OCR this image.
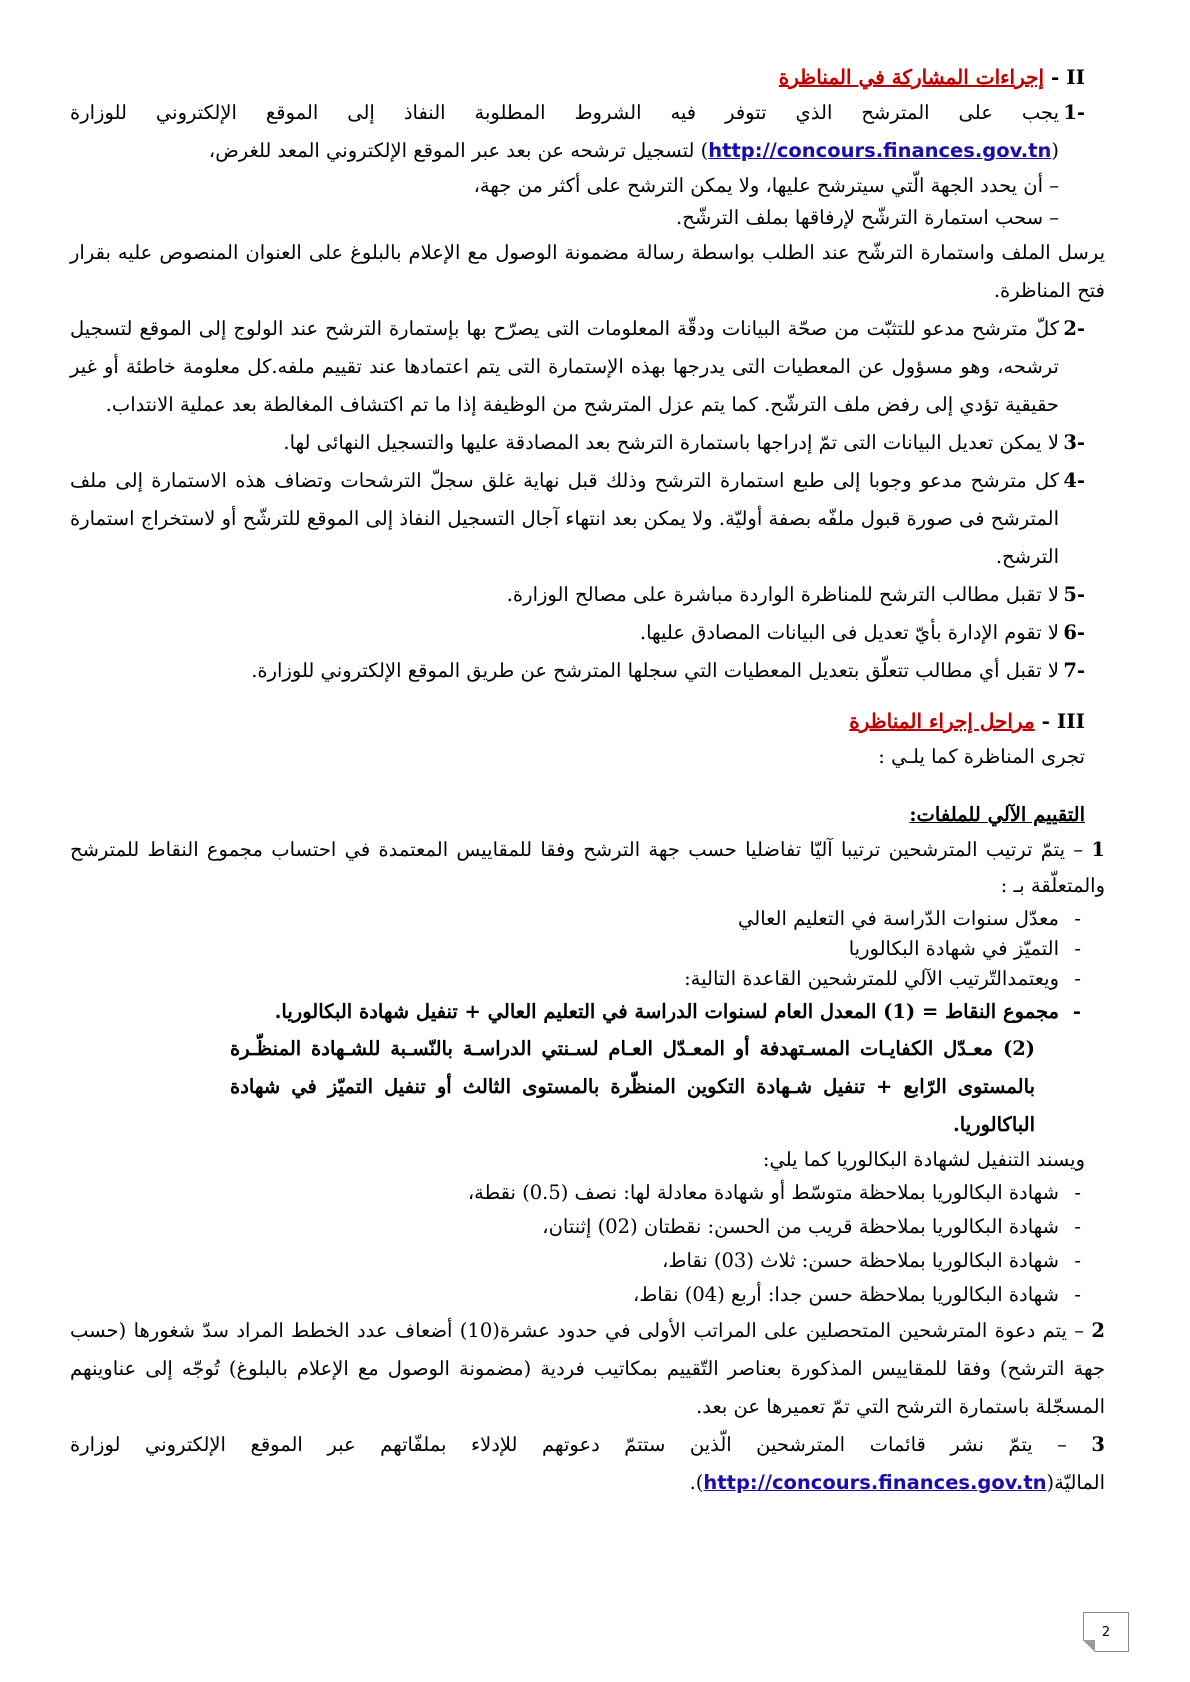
II - إجراءات المشاركة في المناظرة

1-
يجب على المترشح الذي تتوفر فيه الشروط المطلوبة النفاذ إلى الموقع الإلكتروني للوزارة (http://concours.finances.gov.tn) لتسجيل ترشحه عن بعد عبر الموقع الإلكتروني المعد للغرض،

– أن يحدد الجهة الّتي سيترشح عليها، ولا يمكن الترشح على أكثر من جهة،

– سحب استمارة الترشّح لإرفاقها بملف الترشّح.

يرسل الملف واستمارة الترشّح عند الطلب بواسطة رسالة مضمونة الوصول مع الإعلام بالبلوغ على العنوان المنصوص عليه بقرار فتح المناظرة.

2-
كلّ مترشح مدعو للتثبّت من صحّة البيانات ودقّة المعلومات التى يصرّح بها بإستمارة الترشح عند الولوج إلى الموقع لتسجيل ترشحه، وهو مسؤول عن المعطيات التى يدرجها بهذه الإستمارة التى يتم اعتمادها عند تقييم ملفه.كل معلومة خاطئة أو غير حقيقية تؤدي إلى رفض ملف الترشّح. كما يتم عزل المترشح من الوظيفة إذا ما تم اكتشاف المغالطة بعد عملية الانتداب.
3-
لا يمكن تعديل البيانات التى تمّ إدراجها باستمارة الترشح بعد المصادقة عليها والتسجيل النهائى لها.
4-
كل مترشح مدعو وجوبا إلى طبع استمارة الترشح وذلك قبل نهاية غلق سجلّ الترشحات وتضاف هذه الاستمارة إلى ملف المترشح فى صورة قبول ملفّه بصفة أوليّة. ولا يمكن بعد انتهاء آجال التسجيل النفاذ إلى الموقع للترشّح أو لاستخراج استمارة الترشح.
5-
لا تقبل مطالب الترشح للمناظرة الواردة مباشرة على مصالح الوزارة.
6-
لا تقوم الإدارة بأيّ تعديل فى البيانات المصادق عليها.
7-
لا تقبل أي مطالب تتعلّق بتعديل المعطيات التي سجلها المترشح عن طريق الموقع الإلكتروني للوزارة.

III - مراحل إجراء المناظرة

تجرى المناظرة كما يلـي :

التقييم الآلي للملفات:

1 – يتمّ ترتيب المترشحين ترتيبا آليّا تفاضليا حسب جهة الترشح وفقا للمقاييس المعتمدة في احتساب مجموع النقاط للمترشح والمتعلّقة بـ :

- معدّل سنوات الدّراسة في التعليم العالي

- التميّز في شهادة البكالوريا

- ويعتمدالتّرتيب الآلي للمترشحين القاعدة التالية:

- مجموع النقاط = (1) المعدل العام لسنوات الدراسة في التعليم العالي + تنفيل شهادة البكالوريا.

(2) معـدّل الكفايـات المسـتهدفة أو المعـدّل العـام لسـنتي الدراسـة بالنّسـبة للشـهادة المنظّـرة بالمستوى الرّابع + تنفيل شـهادة التكوين المنظّرة بالمستوى الثالث أو تنفيل التميّز في شهادة الباكالوريا.

ويسند التنفيل لشهادة البكالوريا كما يلي:

- شهادة البكالوريا بملاحظة متوسّط أو شهادة معادلة لها: نصف (0.5) نقطة،

- شهادة البكالوريا بملاحظة قريب من الحسن: نقطتان (02) إثنتان،

- شهادة البكالوريا بملاحظة حسن: ثلاث (03) نقاط،

- شهادة البكالوريا بملاحظة حسن جدا: أربع (04) نقاط،

2 – يتم دعوة المترشحين المتحصلين على المراتب الأولى في حدود عشرة(10) أضعاف عدد الخطط المراد سدّ شغورها (حسب جهة الترشح) وفقا للمقاييس المذكورة بعناصر التّقييم بمكاتيب فردية (مضمونة الوصول مع الإعلام بالبلوغ) تُوجّه إلى عناوينهم المسجّلة باستمارة الترشح التي تمّ تعميرها عن بعد.

3 – يتمّ نشر قائمات المترشحين الّذين ستتمّ دعوتهم للإدلاء بملفّاتهم عبر الموقع الإلكتروني لوزارة الماليّة(http://concours.finances.gov.tn).

2
